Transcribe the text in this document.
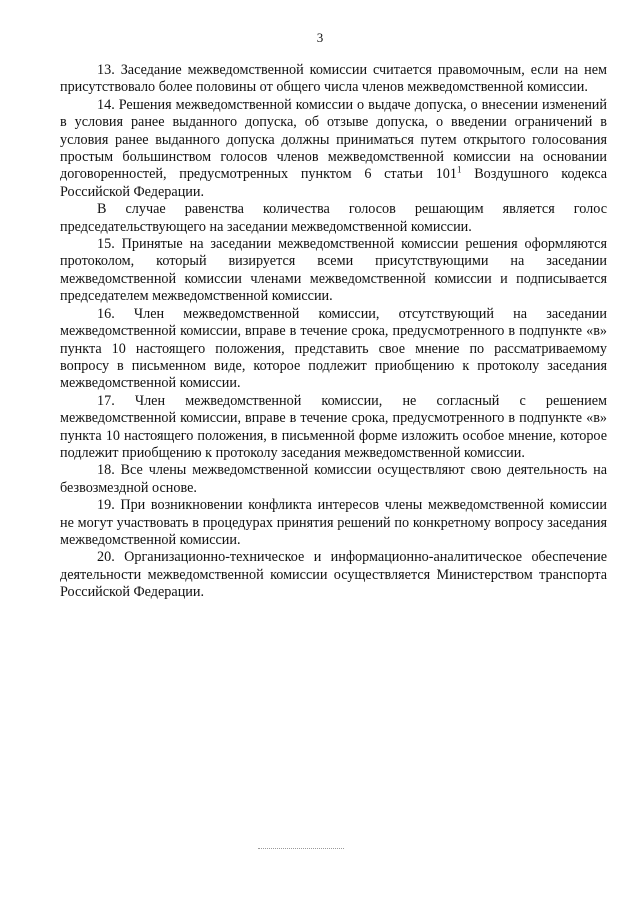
3

13. Заседание межведомственной комиссии считается правомочным, если на нем присутствовало более половины от общего числа членов межведомственной комиссии.

14. Решения межведомственной комиссии о выдаче допуска, о внесении изменений в условия ранее выданного допуска, об отзыве допуска, о введении ограничений в условия ранее выданного допуска должны приниматься путем открытого голосования простым большинством голосов членов межведомственной комиссии на основании договоренностей, предусмотренных пунктом 6 статьи 101$^1$ Воздушного кодекса Российской Федерации.

В случае равенства количества голосов решающим является голос председательствующего на заседании межведомственной комиссии.

15. Принятые на заседании межведомственной комиссии решения оформляются протоколом, который визируется всеми присутствующими на заседании межведомственной комиссии членами межведомственной комиссии и подписывается председателем межведомственной комиссии.

16. Член межведомственной комиссии, отсутствующий на заседании межведомственной комиссии, вправе в течение срока, предусмотренного в подпункте «в» пункта 10 настоящего положения, представить свое мнение по рассматриваемому вопросу в письменном виде, которое подлежит приобщению к протоколу заседания межведомственной комиссии.

17. Член межведомственной комиссии, не согласный с решением межведомственной комиссии, вправе в течение срока, предусмотренного в подпункте «в» пункта 10 настоящего положения, в письменной форме изложить особое мнение, которое подлежит приобщению к протоколу заседания межведомственной комиссии.

18. Все члены межведомственной комиссии осуществляют свою деятельность на безвозмездной основе.

19. При возникновении конфликта интересов члены межведомственной комиссии не могут участвовать в процедурах принятия решений по конкретному вопросу заседания межведомственной комиссии.

20. Организационно-техническое и информационно-аналитическое обеспечение деятельности межведомственной комиссии осуществляется Министерством транспорта Российской Федерации.
